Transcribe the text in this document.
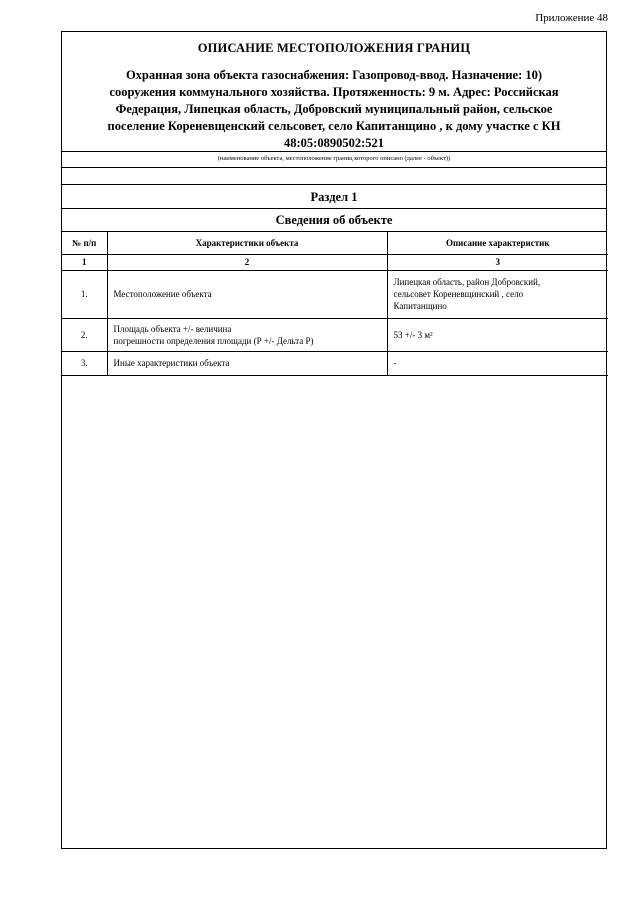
Приложение 48
ОПИСАНИЕ МЕСТОПОЛОЖЕНИЯ ГРАНИЦ
Охранная зона объекта газоснабжения: Газопровод-ввод. Назначение: 10)
сооружения коммунального хозяйства. Протяженность: 9 м. Адрес: Российская
Федерация, Липецкая область, Добровский муниципальный район, сельское
поселение Кореневщенский сельсовет, село Капитанщино , к дому участке с КН
48:05:0890502:521
(наименование объекта, местоположение границ которого описано (далее - объект))
Раздел 1
Сведения об объекте
№ п/п	Характеристики объекта	Описание характеристик
1	2	3
1.	Местоположение объекта	Липецкая область, район Добровский,
сельсовет Кореневщинский , село
Капитанщино

2.	Площадь объекта +/- величина
погрешности определения площади (Р +/- Дельта Р)	53 +/- 3 м²

3.	Иные характеристики объекта	-
